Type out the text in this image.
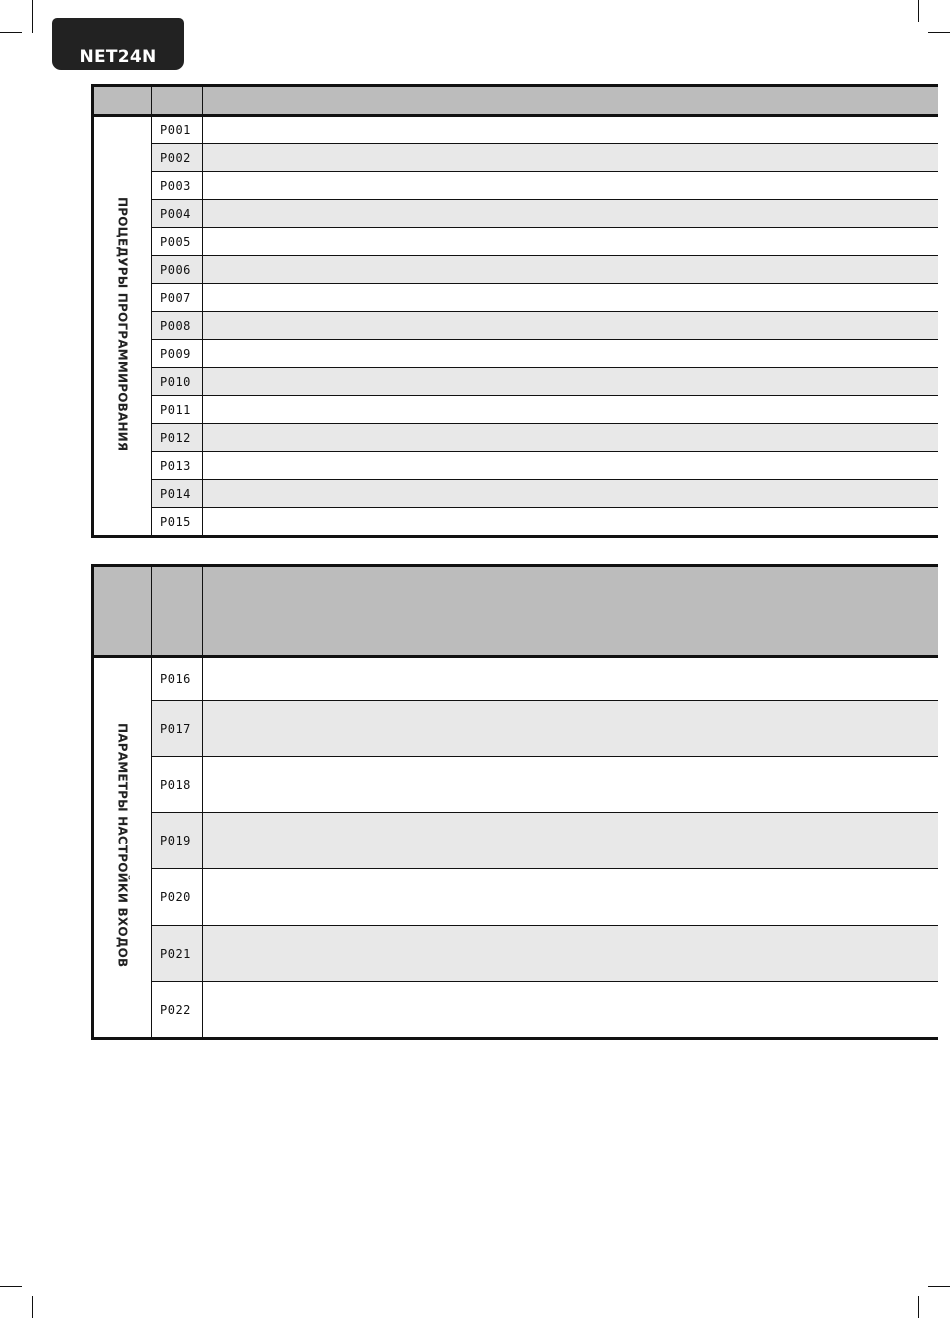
NET24N

ПРОЦЕДУРЫ ПРОГРАММИРОВАНИЯ	P001	
	P002	
	P003	
	P004	
	P005	
	P006	
	P007	
	P008	
	P009	
	P010	
	P011	
	P012	
	P013	
	P014	
	P015	

ПАРАМЕТРЫ НАСТРОЙКИ ВХОДОВ	P016	
	P017	
	P018	
	P019	
	P020	
	P021	
	P022	
